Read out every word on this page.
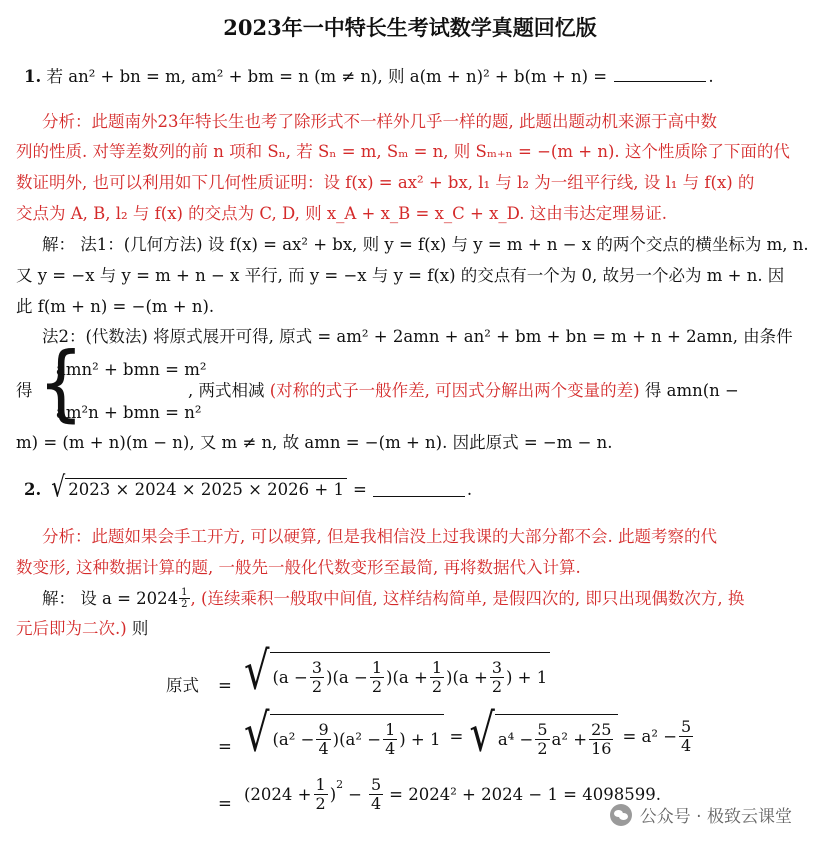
2023年一中特长生考试数学真题回忆版
1. 若 an² + bn = m, am² + bm = n (m ≠ n), 则 a(m + n)² + b(m + n) =	.
分析：此题南外23年特长生也考了除形式不一样外几乎一样的题, 此题出题动机来源于高中数
列的性质. 对等差数列的前 n 项和 Sₙ, 若 Sₙ = m, Sₘ = n, 则 Sₘ₊ₙ = −(m + n). 这个性质除了下面的代
数证明外, 也可以利用如下几何性质证明：设 f(x) = ax² + bx, l₁ 与 l₂ 为一组平行线, 设 l₁ 与 f(x) 的
交点为 A, B, l₂ 与 f(x) 的交点为 C, D, 则 x_A + x_B = x_C + x_D. 这由韦达定理易证.
解： 法1：(几何方法) 设 f(x) = ax² + bx, 则 y = f(x) 与 y = m + n − x 的两个交点的横坐标为 m, n.
又 y = −x 与 y = m + n − x 平行, 而 y = −x 与 y = f(x) 的交点有一个为 0, 故另一个必为 m + n. 因
此 f(m + n) = −(m + n).
法2：(代数法) 将原式展开可得, 原式 = am² + 2amn + an² + bm + bn = m + n + 2amn, 由条件
得 {
amn² + bmn = m²
am²n + bmn = n²
, 两式相减 (对称的式子一般作差, 可因式分解出两个变量的差) 得 amn(n −
m) = (m + n)(m − n), 又 m ≠ n, 故 amn = −(m + n). 因此原式 = −m − n.
2. √ 2023 × 2024 × 2025 × 2026 + 1 =	.
分析：此题如果会手工开方, 可以硬算, 但是我相信没上过我课的大部分都不会. 此题考察的代
数变形, 这种数据计算的题, 一般先一般化代数变形至最简, 再将数据代入计算.
解： 设 $a = 2024 \frac{1}{2}$ , (连续乘积一般取中间值, 这样结构简单, 是假四次的, 即只出现偶数次方, 换
元后即为二次.) 则
原式 = √ $(a - \frac{3}{2} )(a - \frac{1}{2} )(a + \frac{1}{2} )(a + \frac{3}{2}$ ) + 1
= √ $(a^2 - \frac{9}{4} )(a^2 - \frac{1}{4}$ ) + 1 = √ $a^4 - \frac{5}{2} a^2 + \frac{25}{16} = a^2 - \frac{5}{4}$
= ($2024 + \frac{1}{2}$ )
$^2$
− $\frac{5}{4} = 2024^2 + 2024 - 1 = 4098599$.
公众号 · 极致云课堂
